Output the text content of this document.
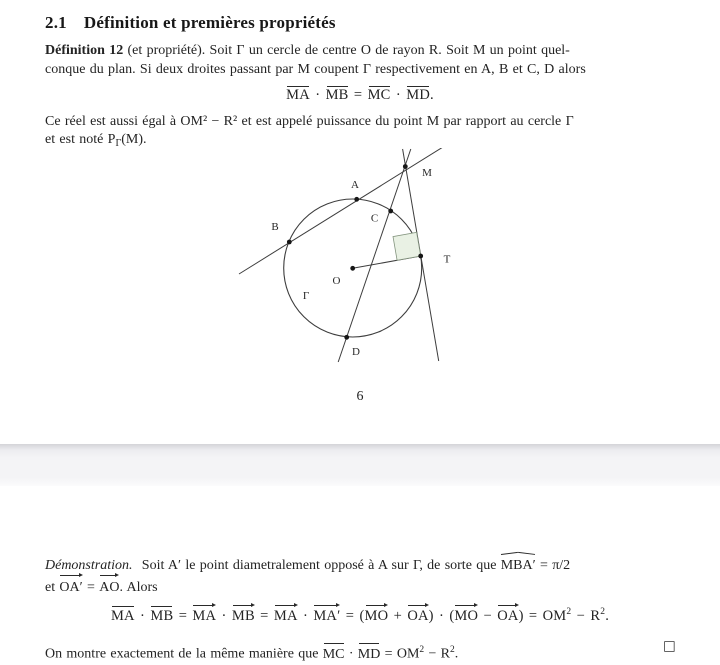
2.1 Définition et premières propriétés
Définition 12 (et propriété). Soit Γ un cercle de centre O de rayon R. Soit M un point quel-
conque du plan. Si deux droites passant par M coupent Γ respectivement en A, B et C, D alors
MA · MB = MC · MD.
Ce réel est aussi égal à OM² − R² et est appelé puissance du point M par rapport au cercle Γ
et est noté $P_\Gamma(M)$.
A
B
C
D
M
T
O
Γ
6
Démonstration. Soit A′ le point diametralement opposé à A sur Γ, de sorte que MBA′ = π/2
et OA′ = AO. Alors
MA · MB = MA · MB = MA · $MA' = (MO + OA) \cdot (MO - OA) = OM^2 - R^2$.
On montre exactement de la même manière que MC · MD = $OM^2 - R^2$.
□
